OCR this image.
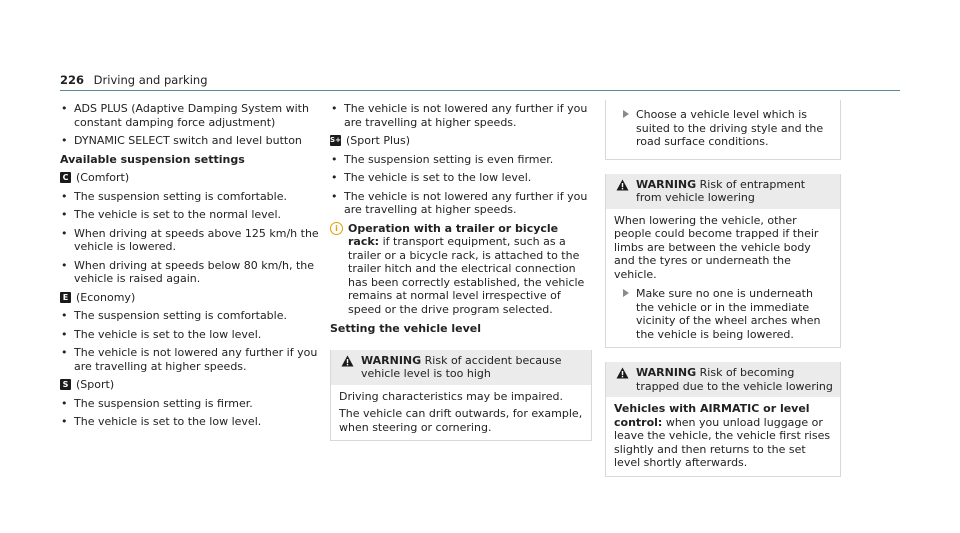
226 Driving and parking
• ADS PLUS (Adaptive Damping System with constant damping force adjustment)
• DYNAMIC SELECT switch and level button
Available suspension settings
C (Comfort)
• The suspension setting is comfortable.
• The vehicle is set to the normal level.
• When driving at speeds above 125 km/h the vehicle is lowered.
• When driving at speeds below 80 km/h, the vehicle is raised again.
E (Economy)
• The suspension setting is comfortable.
• The vehicle is set to the low level.
• The vehicle is not lowered any further if you are travelling at higher speeds.
S (Sport)
• The suspension setting is firmer.
• The vehicle is set to the low level.
• The vehicle is not lowered any further if you are travelling at higher speeds.
S+ (Sport Plus)
• The suspension setting is even firmer.
• The vehicle is set to the low level.
• The vehicle is not lowered any further if you are travelling at higher speeds.
i Operation with a trailer or bicycle rack: if transport equipment, such as a trailer or a bicycle rack, is attached to the trailer hitch and the electrical connection has been correctly established, the vehicle remains at normal level irrespective of speed or the drive program selected.
Setting the vehicle level
WARNING Risk of accident because vehicle level is too high

Driving characteristics may be impaired.

The vehicle can drift outwards, for example, when steering or cornering.

Choose a vehicle level which is suited to the driving style and the road surface conditions.
WARNING Risk of entrapment from vehicle lowering

When lowering the vehicle, other people could become trapped if their limbs are between the vehicle body and the tyres or underneath the vehicle.

Make sure no one is underneath the vehicle or in the immediate vicinity of the wheel arches when the vehicle is being lowered.
WARNING Risk of becoming trapped due to the vehicle lowering

Vehicles with AIRMATIC or level control: when you unload luggage or leave the vehicle, the vehicle first rises slightly and then returns to the set level shortly afterwards.
